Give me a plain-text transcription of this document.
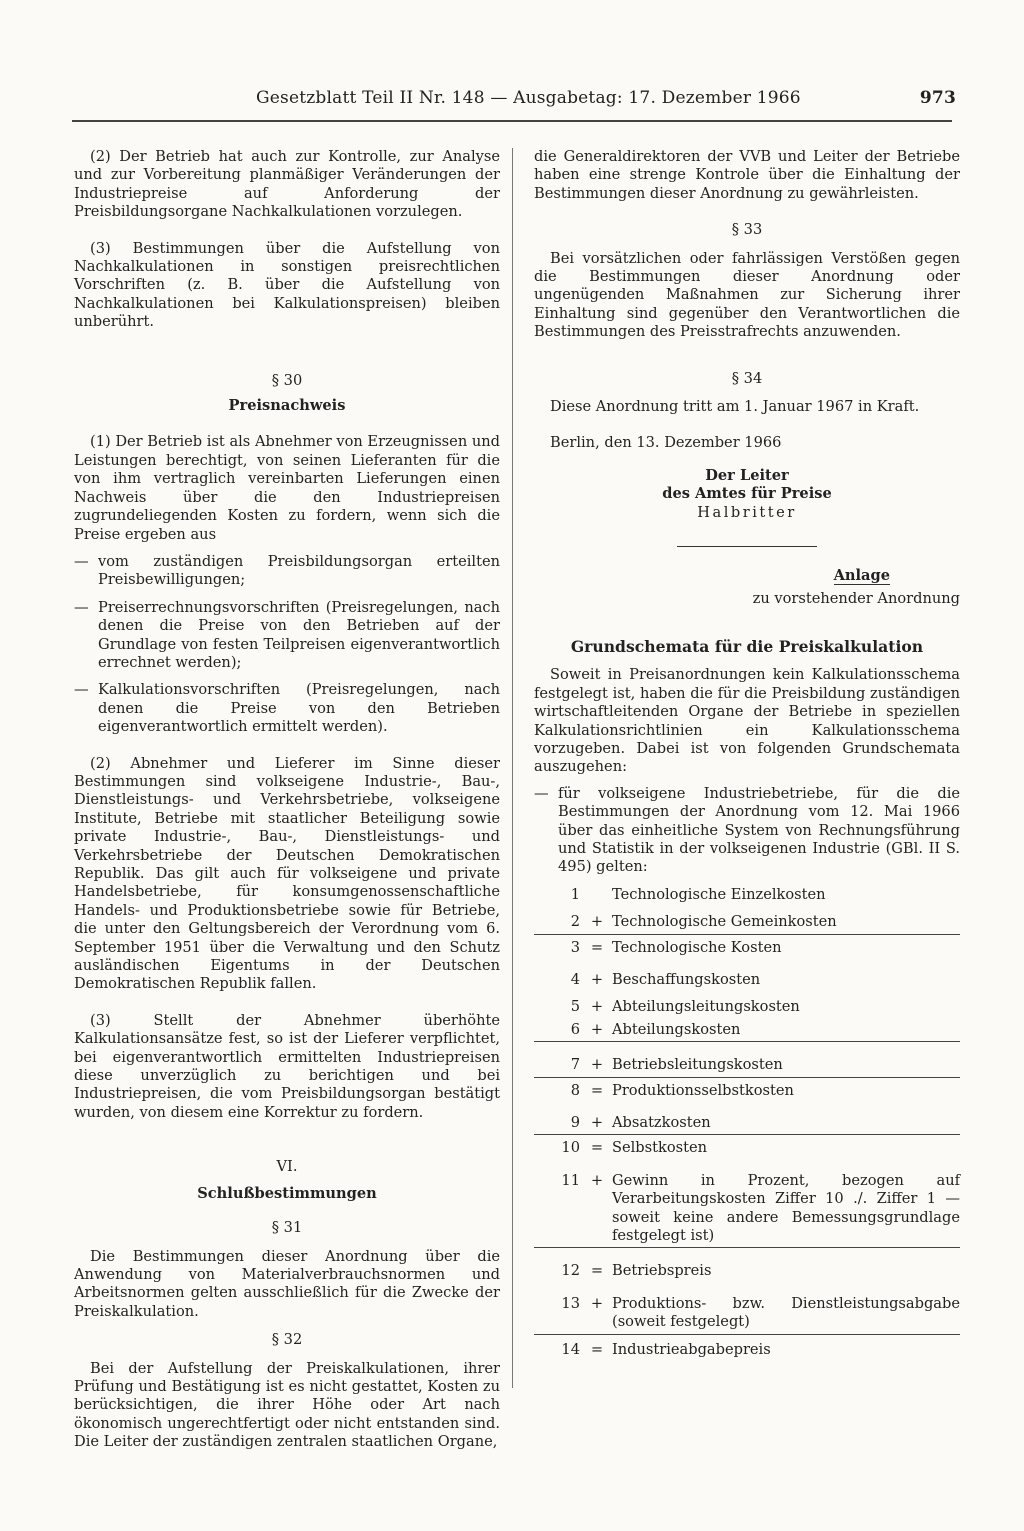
Gesetzblatt Teil II Nr. 148 — Ausgabetag: 17. Dezember 1966	973

(2) Der Betrieb hat auch zur Kontrolle, zur Analyse und zur Vorbereitung planmäßiger Veränderungen der Industriepreise auf Anforderung der Preisbildungsorgane Nachkalkulationen vorzulegen.

(3) Bestimmungen über die Aufstellung von Nachkalkulationen in sonstigen preisrechtlichen Vorschriften (z. B. über die Aufstellung von Nachkalkulationen bei Kalkulationspreisen) bleiben unberührt.

§ 30

Preisnachweis

(1) Der Betrieb ist als Abnehmer von Erzeugnissen und Leistungen berechtigt, von seinen Lieferanten für die von ihm vertraglich vereinbarten Lieferungen einen Nachweis über die den Industriepreisen zugrundeliegenden Kosten zu fordern, wenn sich die Preise ergeben aus

— vom zuständigen Preisbildungsorgan erteilten Preisbewilligungen;
— Preiserrechnungsvorschriften (Preisregelungen, nach denen die Preise von den Betrieben auf der Grundlage von festen Teilpreisen eigenverantwortlich errechnet werden);
— Kalkulationsvorschriften (Preisregelungen, nach denen die Preise von den Betrieben eigenverantwortlich ermittelt werden).

(2) Abnehmer und Lieferer im Sinne dieser Bestimmungen sind volkseigene Industrie-, Bau-, Dienstleistungs- und Verkehrsbetriebe, volkseigene Institute, Betriebe mit staatlicher Beteiligung sowie private Industrie-, Bau-, Dienstleistungs- und Verkehrsbetriebe der Deutschen Demokratischen Republik. Das gilt auch für volkseigene und private Handelsbetriebe, für konsumgenossenschaftliche Handels- und Produktionsbetriebe sowie für Betriebe, die unter den Geltungsbereich der Verordnung vom 6. September 1951 über die Verwaltung und den Schutz ausländischen Eigentums in der Deutschen Demokratischen Republik fallen.

(3) Stellt der Abnehmer überhöhte Kalkulationsansätze fest, so ist der Lieferer verpflichtet, bei eigenverantwortlich ermittelten Industriepreisen diese unverzüglich zu berichtigen und bei Industriepreisen, die vom Preisbildungsorgan bestätigt wurden, von diesem eine Korrektur zu fordern.

VI.

Schlußbestimmungen

§ 31

Die Bestimmungen dieser Anordnung über die Anwendung von Materialverbrauchsnormen und Arbeitsnormen gelten ausschließlich für die Zwecke der Preiskalkulation.

§ 32

Bei der Aufstellung der Preiskalkulationen, ihrer Prüfung und Bestätigung ist es nicht gestattet, Kosten zu berücksichtigen, die ihrer Höhe oder Art nach ökonomisch ungerechtfertigt oder nicht entstanden sind. Die Leiter der zuständigen zentralen staatlichen Organe,

die Generaldirektoren der VVB und Leiter der Betriebe haben eine strenge Kontrole über die Einhaltung der Bestimmungen dieser Anordnung zu gewährleisten.

§ 33

Bei vorsätzlichen oder fahrlässigen Verstößen gegen die Bestimmungen dieser Anordnung oder ungenügenden Maßnahmen zur Sicherung ihrer Einhaltung sind gegenüber den Verantwortlichen die Bestimmungen des Preisstrafrechts anzuwenden.

§ 34

Diese Anordnung tritt am 1. Januar 1967 in Kraft.

Berlin, den 13. Dezember 1966

Der Leiter

des Amtes für Preise

Halbritter

Anlage

zu vorstehender Anordnung

Grundschemata für die Preiskalkulation

Soweit in Preisanordnungen kein Kalkulationsschema festgelegt ist, haben die für die Preisbildung zuständigen wirtschaftleitenden Organe der Betriebe in speziellen Kalkulationsrichtlinien ein Kalkulationsschema vorzugeben. Dabei ist von folgenden Grundschemata auszugehen:

— für volkseigene Industriebetriebe, für die die Bestimmungen der Anordnung vom 12. Mai 1966 über das einheitliche System von Rechnungsführung und Statistik in der volkseigenen Industrie (GBl. II S. 495) gelten:
1 Technologische Einzelkosten
2 + Technologische Gemeinkosten
3 = Technologische Kosten
4 + Beschaffungskosten
5 + Abteilungsleitungskosten
6 + Abteilungskosten
7 + Betriebsleitungskosten
8 = Produktionsselbstkosten
9 + Absatzkosten
10 = Selbstkosten
11 + Gewinn in Prozent, bezogen auf Verarbeitungskosten Ziffer 10 ./. Ziffer 1 — soweit keine andere Bemessungsgrundlage festgelegt ist)
12 = Betriebspreis
13 + Produktions- bzw. Dienstleistungsabgabe (soweit festgelegt)
14 = Industrieabgabepreis
